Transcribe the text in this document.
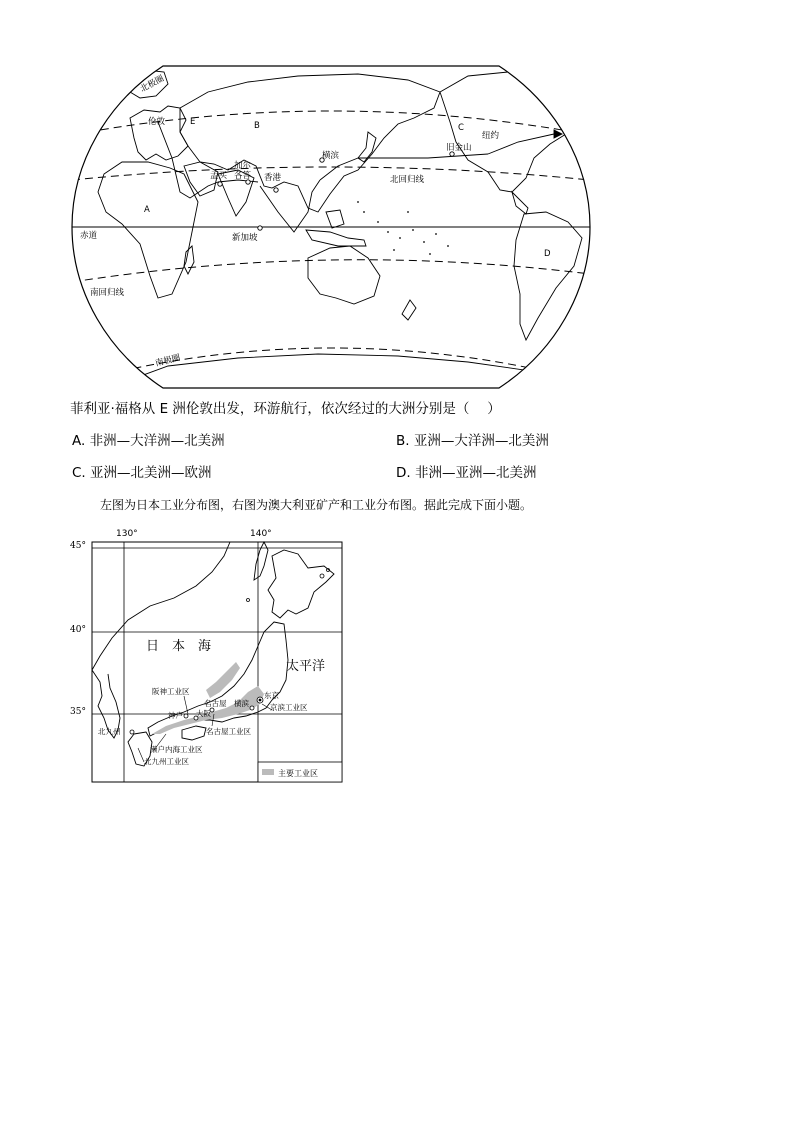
北极圈
伦敦	E	B	C
纽约
旧金山
横滨
加尔
各答
孟买	香港	北回归线
A
赤道	新加坡
D
南回归线
南极圈
菲利亚·福格从 E 洲伦敦出发，环游航行，依次经过的大洲分别是（　 ）
A. 非洲—大洋洲—北美洲	B. 亚洲—大洋洲—北美洲
C. 亚洲—北美洲—欧洲	D. 非洲—亚洲—北美洲
左图为日本工业分布图，右图为澳大利亚矿产和工业分布图。据此完成下面小题。
130°	140°
日　本　海
太平洋
阪神工业区
神户 大阪
名古屋 横滨
东京
京滨工业区
名古屋工业区
北九州
濑户内海工业区
北九州工业区
主要工业区
45°
40°
35°
